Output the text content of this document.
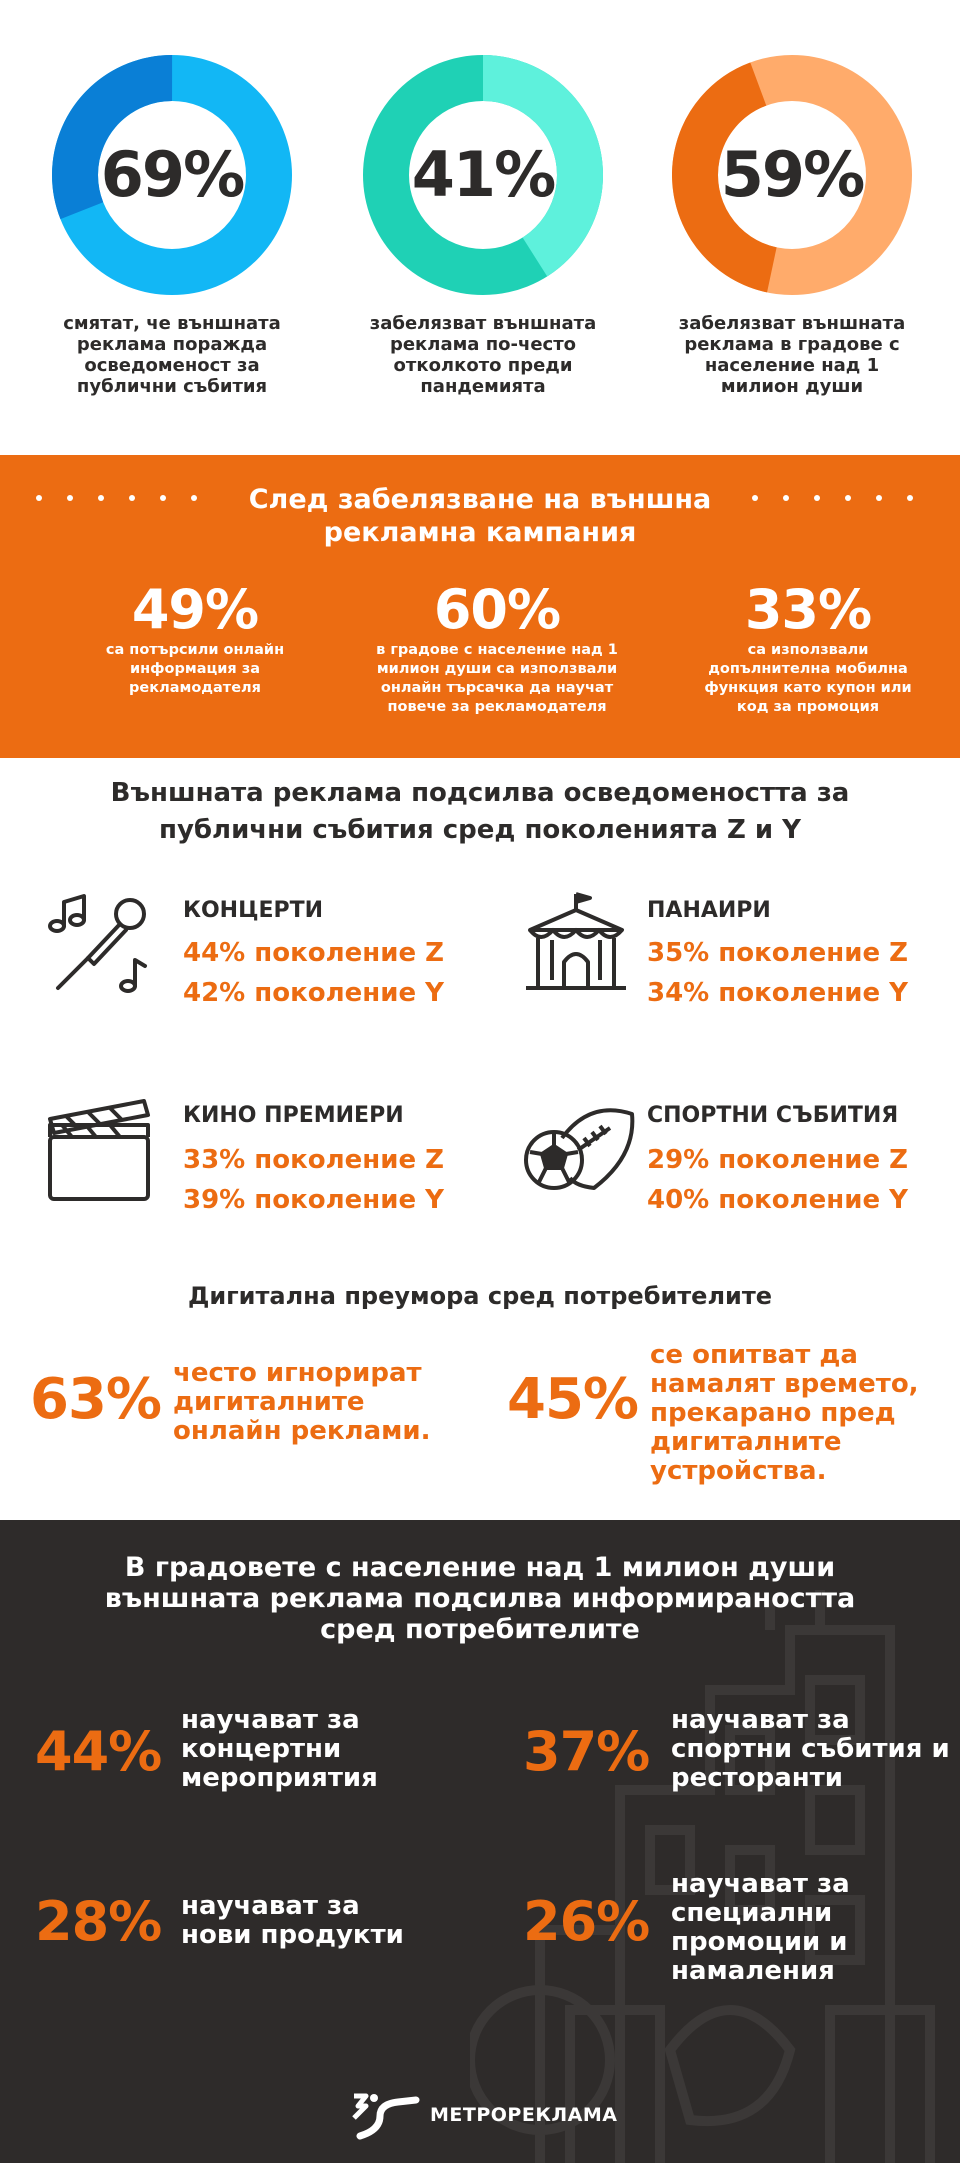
69%
смятат, че външната реклама поражда осведоменост за публични събития
41%
забелязват външната реклама по-често отколкото преди пандемията
59%
забелязват външната реклама в градове с население над 1 милион души
След забелязване на външна рекламна кампания
49%
са потърсили онлайн информация за рекламодателя
60%
в градове с население над 1 милион души са използвали онлайн търсачка да научат повече за рекламодателя
33%
са използвали допълнителна мобилна функция като купон или код за промоция
Външната реклама подсилва осведомеността за публични събития сред поколенията Z и Y
КОНЦЕРТИ
44% поколение Z
42% поколение Y
ПАНАИРИ
35% поколение Z
34% поколение Y
КИНО ПРЕМИЕРИ
33% поколение Z
39% поколение Y
СПОРТНИ СЪБИТИЯ
29% поколение Z
40% поколение Y
Дигитална преумора сред потребителите
63% често игнорират дигиталните онлайн реклами.	45%
се опитват да намалят времето, прекарано пред дигиталните устройства.
В градовете с население над 1 милион души външната реклама подсилва информираността сред потребителите
44% научават за концертни мероприятия	37% научават за спортни събития и ресторанти
28% научават за нови продукти	26%
научават за специални промоции и намаления
МЕТРОРЕКЛАМА
